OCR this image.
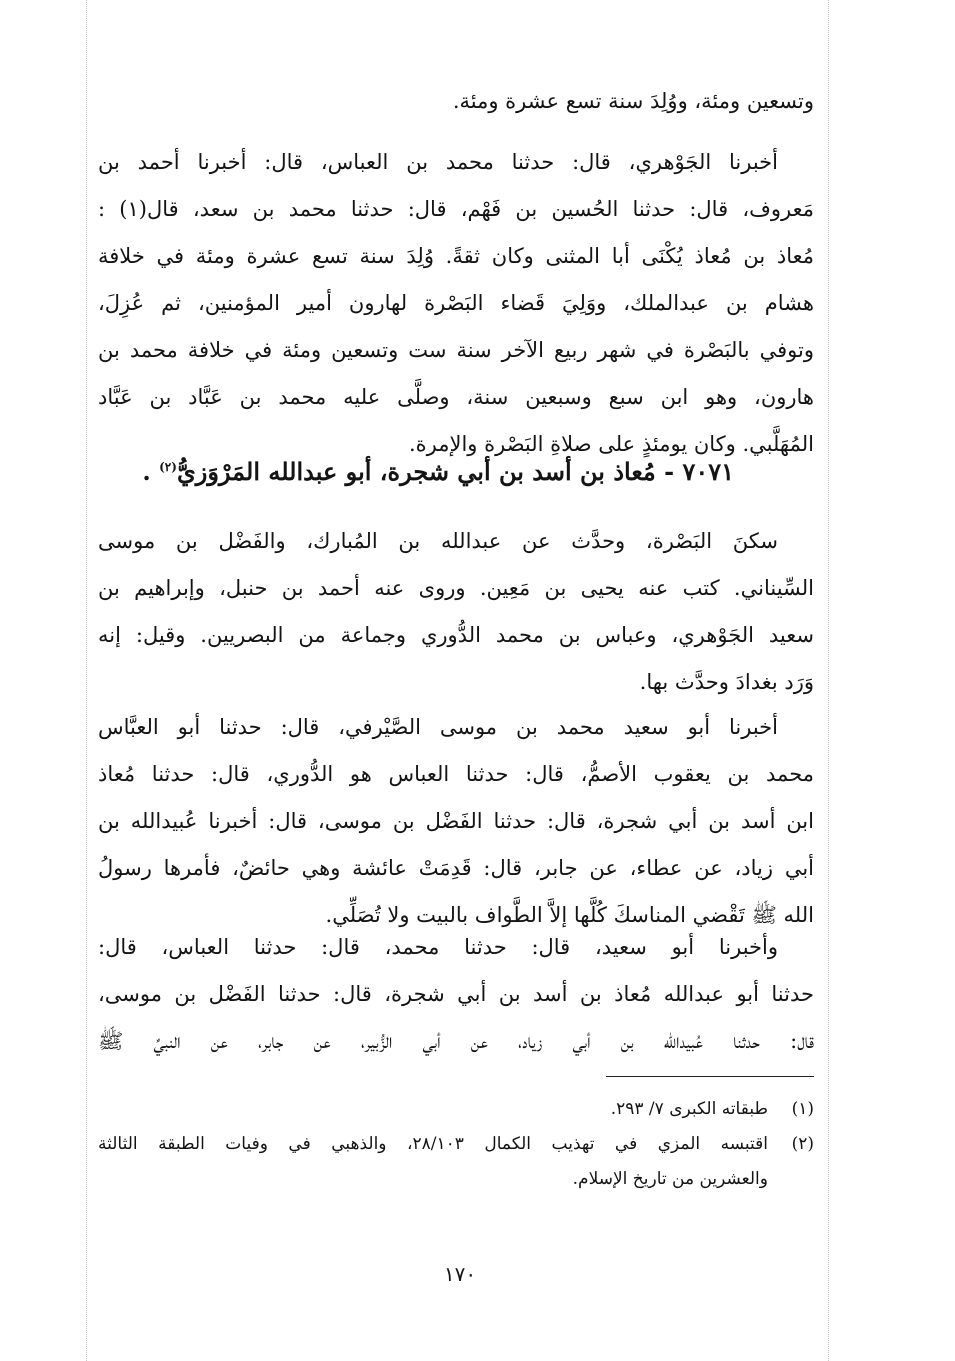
وتسعين ومئة، ووُلِدَ سنة تسع عشرة ومئة.
أخبرنا الجَوْهري، قال: حدثنا محمد بن العباس، قال: أخبرنا أحمد بن
مَعروف، قال: حدثنا الحُسين بن فَهْم، قال: حدثنا محمد بن سعد، قال(١) :
مُعاذ بن مُعاذ يُكْنَى أبا المثنى وكان ثقةً. وُلِدَ سنة تسع عشرة ومئة في خلافة
هشام بن عبدالملك، ووَلِيَ قَضاء البَصْرة لهارون أمير المؤمنين، ثم عُزِلَ،
وتوفي بالبَصْرة في شهر ربيع الآخر سنة ست وتسعين ومئة في خلافة محمد بن
هارون، وهو ابن سبع وسبعين سنة، وصلَّى عليه محمد بن عَبَّاد بن عَبَّاد
المُهَلَّبي. وكان يومئذٍ على صلاةِ البَصْرة والإمرة.
٧٠٧١ - مُعاذ بن أسد بن أبي شجرة، أبو عبدالله المَرْوَزيُّ$^{(٢)}$ .
سكنَ البَصْرة، وحدَّث عن عبدالله بن المُبارك، والفَضْل بن موسى
السِّيناني. كتب عنه يحيى بن مَعِين. وروى عنه أحمد بن حنبل، وإبراهيم بن
سعيد الجَوْهري، وعباس بن محمد الدُّوري وجماعة من البصريين. وقيل: إنه
وَرَد بغدادَ وحدَّث بها.
أخبرنا أبو سعيد محمد بن موسى الصَّيْرفي، قال: حدثنا أبو العبَّاس
محمد بن يعقوب الأصمُّ، قال: حدثنا العباس هو الدُّوري، قال: حدثنا مُعاذ
ابن أسد بن أبي شجرة، قال: حدثنا الفَضْل بن موسى، قال: أخبرنا عُبيدالله بن
أبي زياد، عن عطاء، عن جابر، قال: قَدِمَتْ عائشة وهي حائضٌ، فأمرها رسولُ
الله ﷺ تَقْضي المناسكَ كُلَّها إلاَّ الطَّواف بالبيت ولا تُصَلِّي.
وأخبرنا أبو سعيد، قال: حدثنا محمد، قال: حدثنا العباس، قال:
حدثنا أبو عبدالله مُعاذ بن أسد بن أبي شجرة، قال: حدثنا الفَضْل بن موسى،
قال: حدثنا عُبيدالله بن أبي زياد، عن أبي الزُّبير، عن جابر، عن النبيِّ ﷺ
(١)
طبقاته الكبرى ٧/ ٢٩٣.
(٢)
اقتبسه المزي في تهذيب الكمال ٢٨/١٠٣، والذهبي في وفيات الطبقة الثالثة
والعشرين من تاريخ الإسلام.
١٧٠
